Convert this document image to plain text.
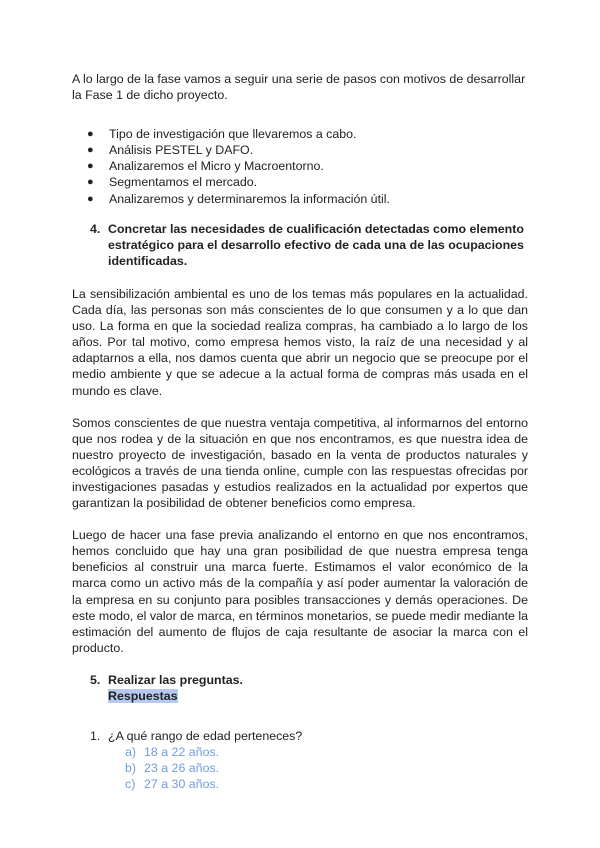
A lo largo de la fase vamos a seguir una serie de pasos con motivos de desarrollar la Fase 1 de dicho proyecto.

● Tipo de investigación que llevaremos a cabo.
● Análisis PESTEL y DAFO.
● Analizaremos el Micro y Macroentorno.
● Segmentamos el mercado.
● Analizaremos y determinaremos la información útil.
4. Concretar las necesidades de cualificación detectadas como elemento estratégico para el desarrollo efectivo de cada una de las ocupaciones identificadas.

La sensibilización ambiental es uno de los temas más populares en la actualidad. Cada día, las personas son más conscientes de lo que consumen y a lo que dan uso. La forma en que la sociedad realiza compras, ha cambiado a lo largo de los años. Por tal motivo, como empresa hemos visto, la raíz de una necesidad y al adaptarnos a ella, nos damos cuenta que abrir un negocio que se preocupe por el medio ambiente y que se adecue a la actual forma de compras más usada en el mundo es clave.

Somos conscientes de que nuestra ventaja competitiva, al informarnos del entorno que nos rodea y de la situación en que nos encontramos, es que nuestra idea de nuestro proyecto de investigación, basado en la venta de productos naturales y ecológicos a través de una tienda online, cumple con las respuestas ofrecidas por investigaciones pasadas y estudios realizados en la actualidad por expertos que garantizan la posibilidad de obtener beneficios como empresa.

Luego de hacer una fase previa analizando el entorno en que nos encontramos, hemos concluido que hay una gran posibilidad de que nuestra empresa tenga beneficios al construir una marca fuerte. Estimamos el valor económico de la marca como un activo más de la compañía y así poder aumentar la valoración de la empresa en su conjunto para posibles transacciones y demás operaciones. De este modo, el valor de marca, en términos monetarios, se puede medir mediante la estimación del aumento de flujos de caja resultante de asociar la marca con el producto.

5. Realizar las preguntas.
Respuestas
1. ¿A qué rango de edad perteneces?
a) 18 a 22 años.
b) 23 a 26 años.
c) 27 a 30 años.
